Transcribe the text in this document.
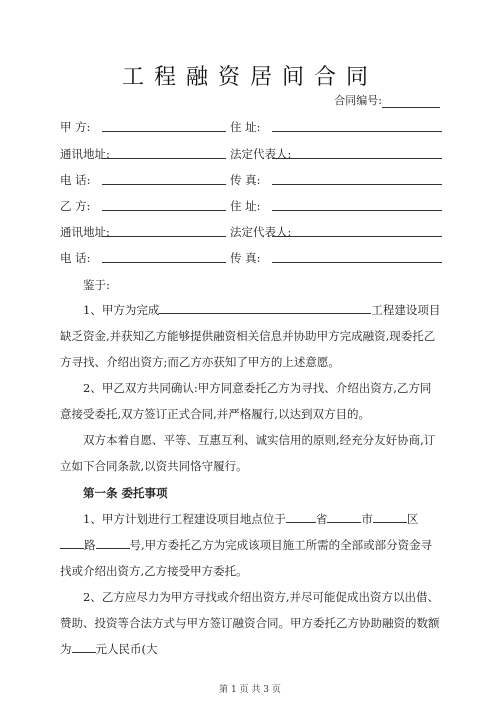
工程融资居间合同
合同编号:
甲 方:	住 址:
通讯地址:	法定代表人:
电 话:	传 真:
乙 方:	住 址:
通讯地址:	法定代表人:
电 话:	传 真:
鉴于:
1、甲方为完成	工程建设项目缺乏资金,并获知乙方能够提供融资相关信息并协助甲方完成融资,现委托乙方寻找、介绍出资方;而乙方亦获知了甲方的上述意愿。
2、甲乙双方共同确认:甲方同意委托乙方为寻找、介绍出资方,乙方同意接受委托,双方签订正式合同,并严格履行,以达到双方目的。
双方本着自愿、平等、互惠互利、诚实信用的原则,经充分友好协商,订立如下合同条款,以资共同恪守履行。
第一条 委托事项
1、甲方计划进行工程建设项目地点位于	省	市	区路	号,甲方委托乙方为完成该项目施工所需的全部或部分资金寻找或介绍出资方,乙方接受甲方委托。
2、乙方应尽力为甲方寻找或介绍出资方,并尽可能促成出资方以出借、赞助、投资等合法方式与甲方签订融资合同。甲方委托乙方协助融资的数额为 元人民币(大
第 1 页 共 3 页
